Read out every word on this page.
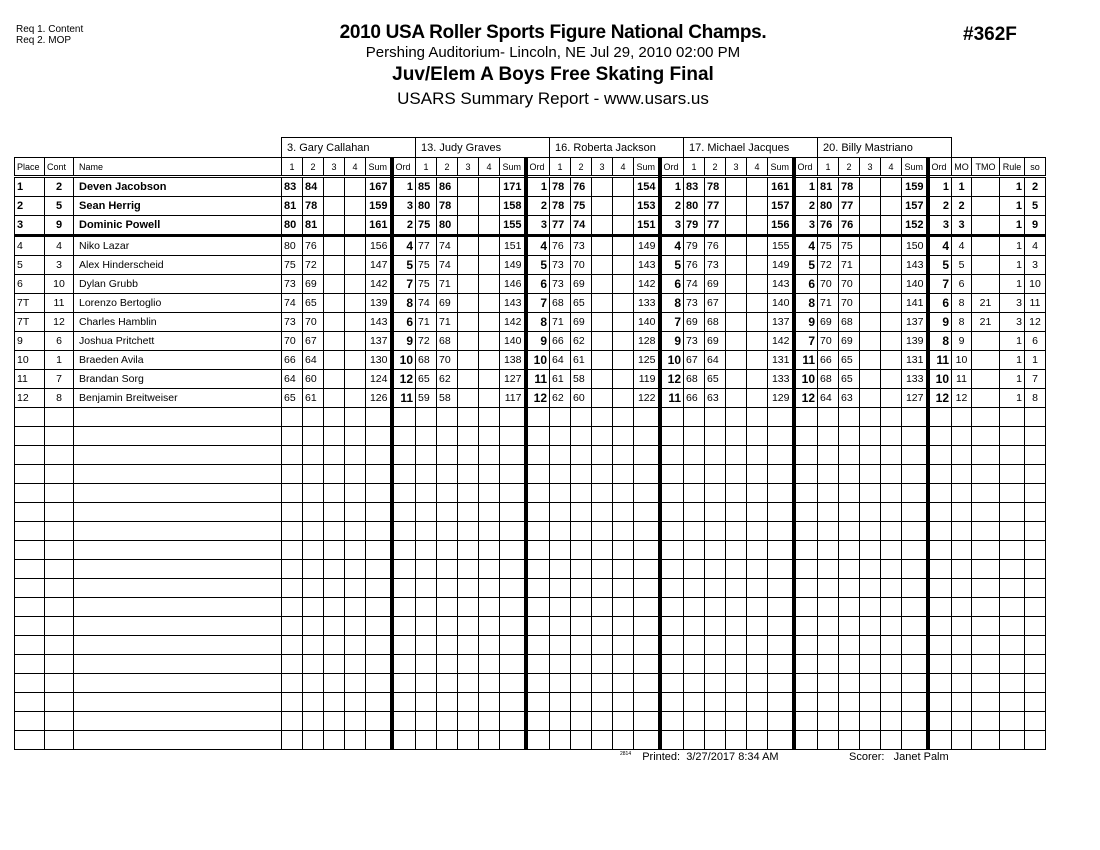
Req 1. Content
Req 2. MOP	2010 USA Roller Sports Figure National Champs.
Pershing Auditorium- Lincoln, NE Jul 29, 2010 02:00 PM
Juv/Elem A Boys Free Skating Final
USARS Summary Report - www.usars.us
#362F
			3. Gary Callahan						13. Judy Graves						16. Roberta Jackson						17. Michael Jacques						20. Billy Mastriano									
Place	Cont	Name	1	2	3	4	Sum	Ord	1	2	3	4	Sum	Ord	1	2	3	4	Sum	Ord	1	2	3	4	Sum	Ord	1	2	3	4	Sum	Ord	MO	TMO	Rule	so
1	2	Deven Jacobson	83	84			167	1	85	86			171	1	78	76			154	1	83	78			161	1	81	78			159	1	1		1	2
2	5	Sean Herrig	81	78			159	3	80	78			158	2	78	75			153	2	80	77			157	2	80	77			157	2	2		1	5
3	9	Dominic Powell	80	81			161	2	75	80			155	3	77	74			151	3	79	77			156	3	76	76			152	3	3		1	9
4	4	Niko Lazar	80	76			156	4	77	74			151	4	76	73			149	4	79	76			155	4	75	75			150	4	4		1	4
5	3	Alex Hinderscheid	75	72			147	5	75	74			149	5	73	70			143	5	76	73			149	5	72	71			143	5	5		1	3
6	10	Dylan Grubb	73	69			142	7	75	71			146	6	73	69			142	6	74	69			143	6	70	70			140	7	6		1	10
7T	11	Lorenzo Bertoglio	74	65			139	8	74	69			143	7	68	65			133	8	73	67			140	8	71	70			141	6	8	21	3	11
7T	12	Charles Hamblin	73	70			143	6	71	71			142	8	71	69			140	7	69	68			137	9	69	68			137	9	8	21	3	12
9	6	Joshua Pritchett	70	67			137	9	72	68			140	9	66	62			128	9	73	69			142	7	70	69			139	8	9		1	6
10	1	Braeden Avila	66	64			130	10	68	70			138	10	64	61			125	10	67	64			131	11	66	65			131	11	10		1	1
11	7	Brandan Sorg	64	60			124	12	65	62			127	11	61	58			119	12	68	65			133	10	68	65			133	10	11		1	7
12	8	Benjamin Breitweiser	65	61			126	11	59	58			117	12	62	60			122	11	66	63			129	12	64	63			127	12	12		1	8

$^{2814}$ Printed: 3/27/2017 8:34 AM	Scorer: Janet Palm
